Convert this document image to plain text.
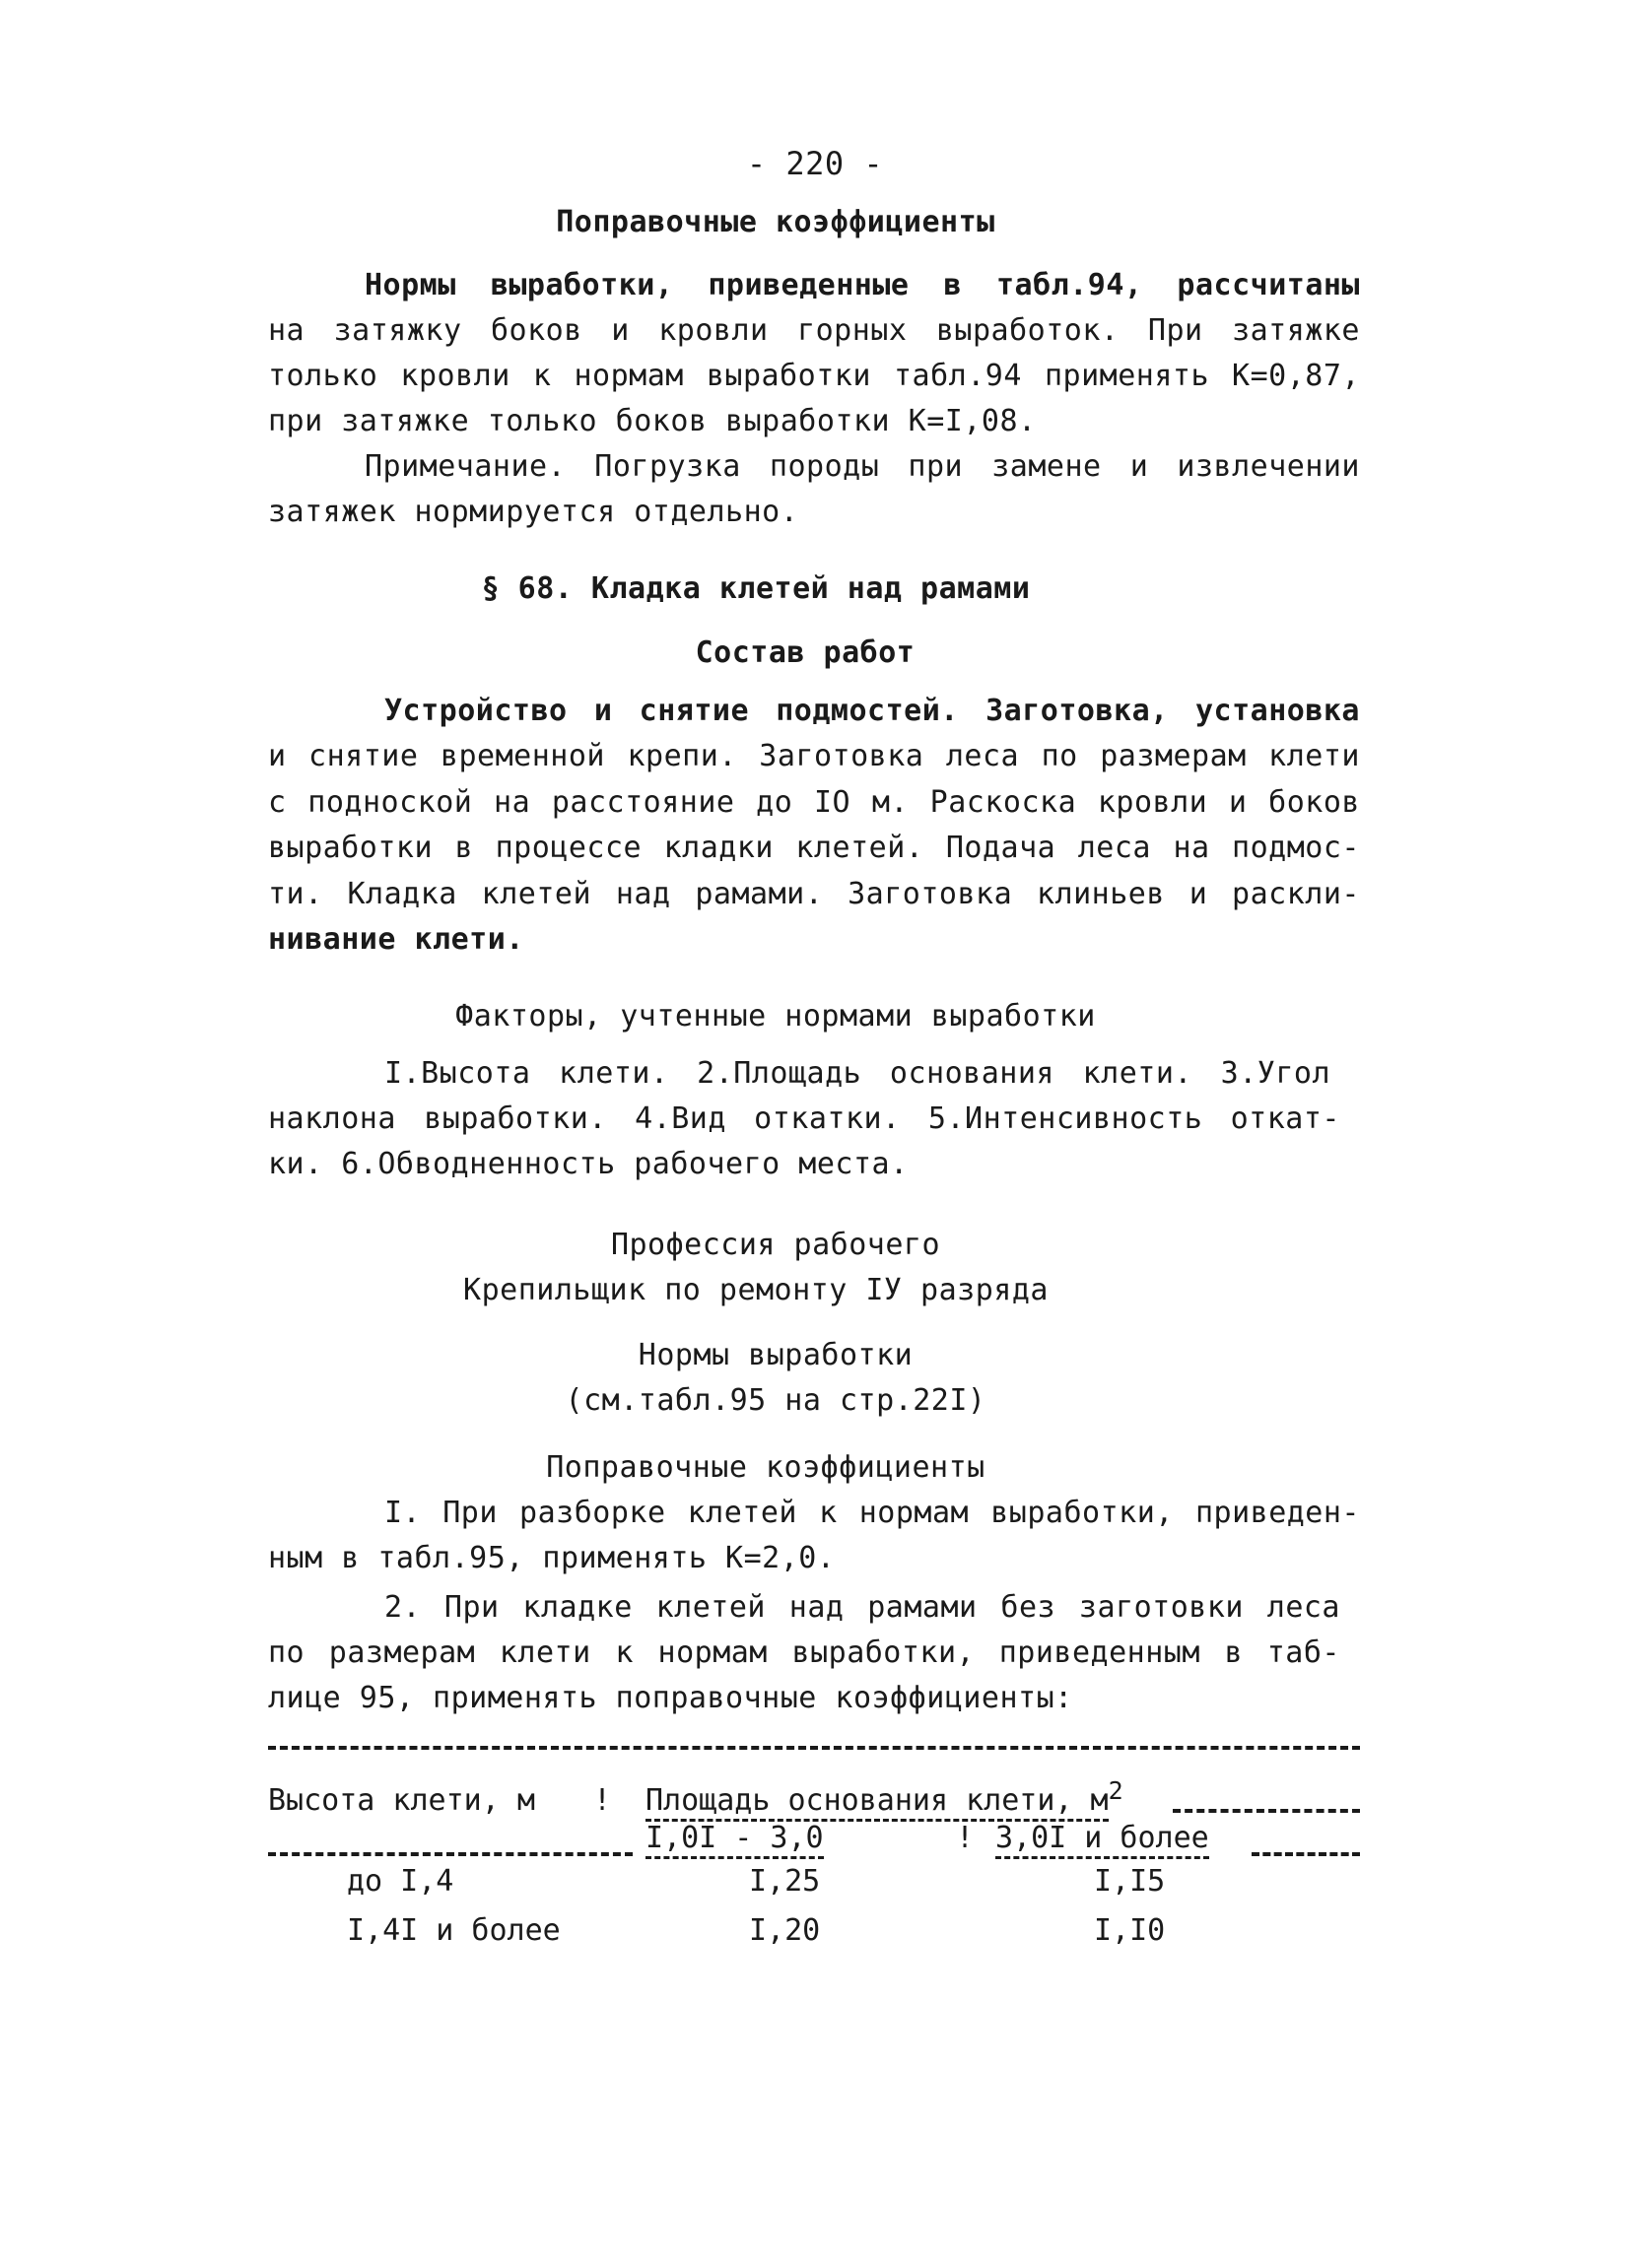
- 220 -
Поправочные коэффициенты
Нормы выработки, приведенные в табл.94, рассчитаны
на затяжку боков и кровли горных выработок. При затяжке
только кровли к нормам выработки табл.94 применять К=0,87,
при затяжке только боков выработки К=I,08.
Примечание. Погрузка породы при замене и извлечении
затяжек нормируется отдельно.
§ 68. Кладка клетей над рамами
Состав работ
Устройство и снятие подмостей. Заготовка, установка
и снятие временной крепи. Заготовка леса по размерам клети
с подноской на расстояние до IO м. Раскоска кровли и боков
выработки в процессе кладки клетей. Подача леса на подмос-
ти. Кладка клетей над рамами. Заготовка клиньев и раскли-
нивание клети.
Факторы, учтенные нормами выработки
I.Высота клети. 2.Площадь основания клети. 3.Угол
наклона выработки. 4.Вид откатки. 5.Интенсивность откат-
ки. 6.Обводненность рабочего места.
Профессия рабочего
Крепильщик по ремонту IУ разряда
Нормы выработки
(см.табл.95 на стр.22I)
Поправочные коэффициенты
I. При разборке клетей к нормам выработки, приведен-
ным в табл.95, применять К=2,0.
2. При кладке клетей над рамами без заготовки леса
по размерам клети к нормам выработки, приведенным в таб-
лице 95, применять поправочные коэффициенты:
Высота клети, м ! Площадь основания клети, $м^2$
I,0I - 3,0	! 3,0I и более
до I,4	I,25	I,I5
I,4I и более	I,20	I,I0
